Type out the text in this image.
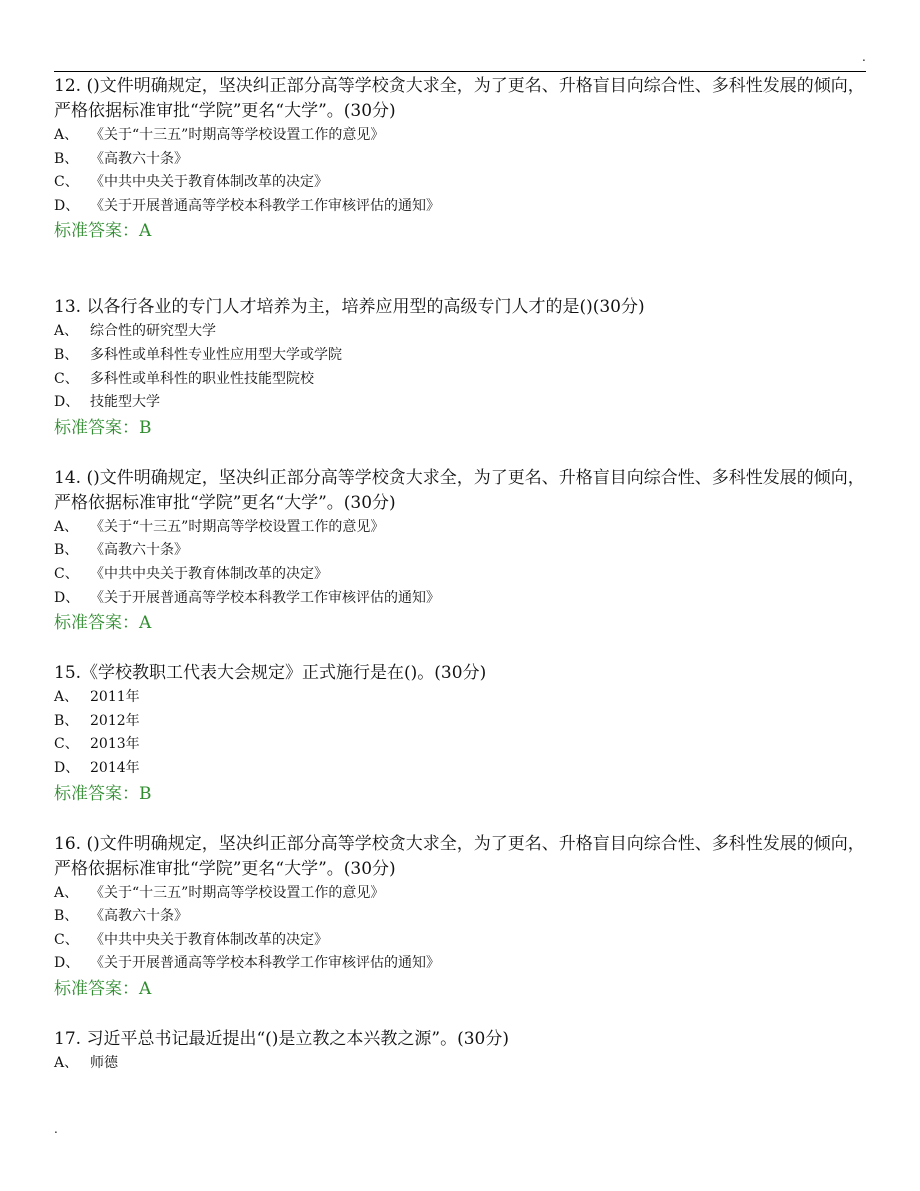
.

12. ()文件明确规定，坚决纠正部分高等学校贪大求全，为了更名、升格盲目向综合性、多科性发展的倾向，严格依据标准审批“学院”更名“大学”。(30分)

A、 《关于“十三五”时期高等学校设置工作的意见》

B、 《高教六十条》

C、 《中共中央关于教育体制改革的决定》

D、 《关于开展普通高等学校本科教学工作审核评估的通知》

标准答案：A

13. 以各行各业的专门人才培养为主，培养应用型的高级专门人才的是()(30分)

A、 综合性的研究型大学

B、 多科性或单科性专业性应用型大学或学院

C、 多科性或单科性的职业性技能型院校

D、 技能型大学

标准答案：B

14. ()文件明确规定，坚决纠正部分高等学校贪大求全，为了更名、升格盲目向综合性、多科性发展的倾向，严格依据标准审批“学院”更名“大学”。(30分)

A、 《关于“十三五”时期高等学校设置工作的意见》

B、 《高教六十条》

C、 《中共中央关于教育体制改革的决定》

D、 《关于开展普通高等学校本科教学工作审核评估的通知》

标准答案：A

15.《学校教职工代表大会规定》正式施行是在()。(30分)

A、 2011年

B、 2012年

C、 2013年

D、 2014年

标准答案：B

16. ()文件明确规定，坚决纠正部分高等学校贪大求全，为了更名、升格盲目向综合性、多科性发展的倾向，严格依据标准审批“学院”更名“大学”。(30分)

A、 《关于“十三五”时期高等学校设置工作的意见》

B、 《高教六十条》

C、 《中共中央关于教育体制改革的决定》

D、 《关于开展普通高等学校本科教学工作审核评估的通知》

标准答案：A

17. 习近平总书记最近提出“()是立教之本兴教之源”。(30分)

A、 师德

.
